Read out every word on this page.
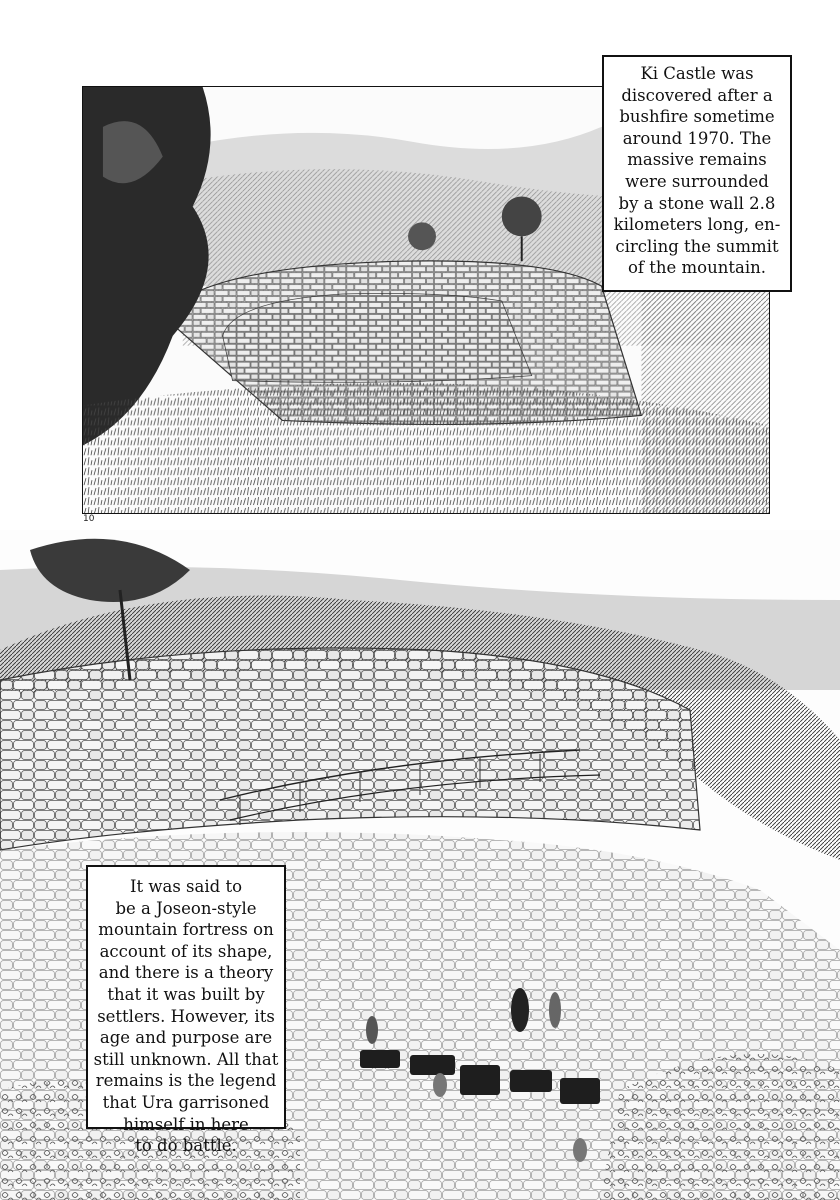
Ki Castle was
discovered after a
bushfire sometime
around 1970. The
massive remains
were surrounded
by a stone wall 2.8
kilometers long, en-
circling the summit
of the mountain.
It was said to
be a Joseon-style
mountain fortress on
account of its shape,
and there is a theory
that it was built by
settlers. However, its
age and purpose are
still unknown. All that
remains is the legend
that Ura garrisoned
himself in here
to do battle.
10
